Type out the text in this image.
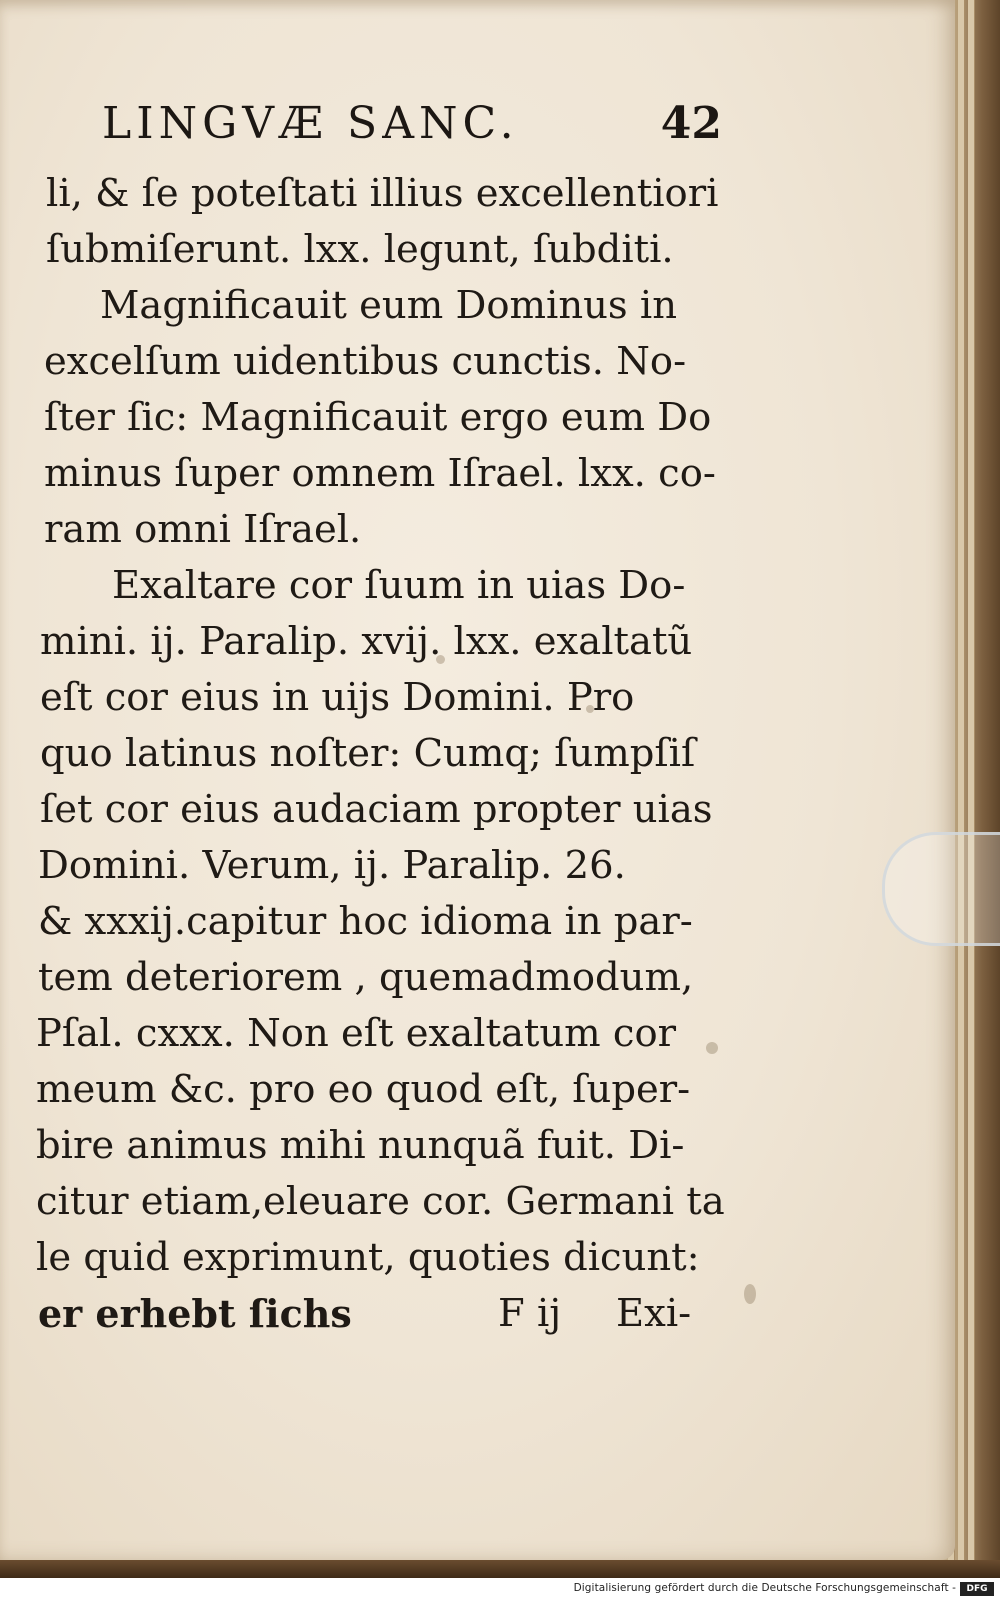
LINGVÆ SANC.	42
li, & ſe poteſtati illius excellentiori
ſubmiſerunt. lxx. legunt, ſubditi.
Magnificauit eum Dominus in
excelſum uidentibus cunctis. No-
ſter ſic: Magnificauit ergo eum Do
minus ſuper omnem Iſrael. lxx. co-
ram omni Iſrael.
Exaltare cor ſuum in uias Do-
mini. ij. Paralip. xvij. lxx. exaltatũ
eſt cor eius in uijs Domini. Pro
quo latinus noſter: Cumq; ſumpſiſ
ſet cor eius audaciam propter uias
Domini. Verum, ij. Paralip. 26.
& xxxij.capitur hoc idioma in par-
tem deteriorem , quemadmodum,
Pſal. cxxx. Non eſt exaltatum cor
meum &c. pro eo quod eſt, ſuper-
bire animus mihi nunquã fuit. Di-
citur etiam,eleuare cor. Germani ta
le quid exprimunt, quoties dicunt:
er erhebt ſichs	F ij Exi-
Digitalisierung gefördert durch die Deutsche Forschungsgemeinschaft -	DFG
